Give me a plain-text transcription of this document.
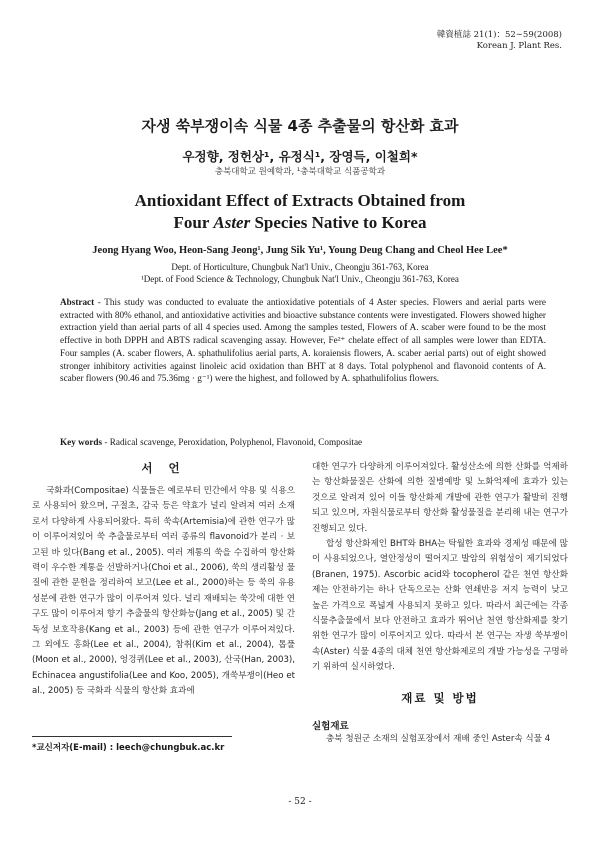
韓資植誌 21(1)：52∼59(2008)
Korean J. Plant Res.
자생 쑥부쟁이속 식물 4종 추출물의 항산화 효과
우정향, 정헌상¹, 유정식¹, 장영득, 이철희*
충북대학교 원예학과, ¹충북대학교 식품공학과
Antioxidant Effect of Extracts Obtained from
Four Aster Species Native to Korea
Jeong Hyang Woo, Heon-Sang Jeong¹, Jung Sik Yu¹, Young Deug Chang and Cheol Hee Lee*
Dept. of Horticulture, Chungbuk Nat'l Univ., Cheongju 361-763, Korea
¹Dept. of Food Science & Technology, Chungbuk Nat'l Univ., Cheongju 361-763, Korea
Abstract - This study was conducted to evaluate the antioxidative potentials of 4 Aster species. Flowers and aerial parts were extracted with 80% ethanol, and antioxidative activities and bioactive substance contents were investigated. Flowers showed higher extraction yield than aerial parts of all 4 species used. Among the samples tested, Flowers of A. scaber were found to be the most effective in both DPPH and ABTS radical scavenging assay. However, Fe²⁺ chelate effect of all samples were lower than EDTA. Four samples (A. scaber flowers, A. sphathulifolius aerial parts, A. koraiensis flowers, A. scaber aerial parts) out of eight showed stronger inhibitory activities against linoleic acid oxidation than BHT at 8 days. Total polyphenol and flavonoid contents of A. scaber flowers (90.46 and 75.36mg · g⁻¹) were the highest, and followed by A. sphathulifolius flowers.
Key words - Radical scavenge, Peroxidation, Polyphenol, Flavonoid, Compositae
서 언

국화과(Compositae) 식물들은 예로부터 민간에서 약용 및 식용으로 사용되어 왔으며, 구절초, 감국 등은 약효가 널리 알려져 여러 소재로서 다양하게 사용되어왔다. 특히 쑥속(Artemisia)에 관한 연구가 많이 이루어져있어 쑥 추출물로부터 여러 종류의 flavonoid가 분리 · 보고된 바 있다(Bang et al., 2005). 여러 계통의 쑥을 수집하여 항산화력이 우수한 계통을 선발하거나(Choi et al., 2006), 쑥의 생리활성 물질에 관한 문헌을 정리하여 보고(Lee et al., 2000)하는 등 쑥의 유용성분에 관한 연구가 많이 이루어져 있다. 널리 재배되는 쑥갓에 대한 연구도 많이 이루어져 향기 추출물의 항산화능(Jang et al., 2005) 및 간독성 보호작용(Kang et al., 2003) 등에 관한 연구가 이루어져있다. 그 외에도 홍화(Lee et al., 2004), 참취(Kim et al., 2004), 톱풀(Moon et al., 2000), 엉겅퀴(Lee et al., 2003), 산국(Han, 2003), Echinacea angustifolia(Lee and Koo, 2005), 개쑥부쟁이(Heo et al., 2005) 등 국화과 식물의 항산화 효과에

대한 연구가 다양하게 이루어져있다. 활성산소에 의한 산화를 억제하는 항산화물질은 산화에 의한 질병예방 및 노화억제에 효과가 있는 것으로 알려져 있어 이들 항산화제 개발에 관한 연구가 활발히 진행되고 있으며, 자원식물로부터 항산화 활성물질을 분리해 내는 연구가 진행되고 있다.

합성 항산화제인 BHT와 BHA는 탁월한 효과와 경제성 때문에 많이 사용되었으나, 열안정성이 떨어지고 발암의 위험성이 제기되었다(Branen, 1975). Ascorbic acid와 tocopherol 같은 천연 항산화제는 안전하기는 하나 단독으로는 산화 연쇄반응 저지 능력이 낮고 높은 가격으로 폭넓게 사용되지 못하고 있다. 따라서 최근에는 각종 식물추출물에서 보다 안전하고 효과가 뛰어난 천연 항산화제를 찾기 위한 연구가 많이 이루어지고 있다. 따라서 본 연구는 자생 쑥부쟁이속(Aster) 식물 4종의 대체 천연 항산화제로의 개발 가능성을 구명하기 위하여 실시하였다.

재료 및 방법
실험재료

충북 청원군 소재의 실험포장에서 재배 중인 Aster속 식물 4

*교신저자(E-mail) : leech@chungbuk.ac.kr
- 52 -
